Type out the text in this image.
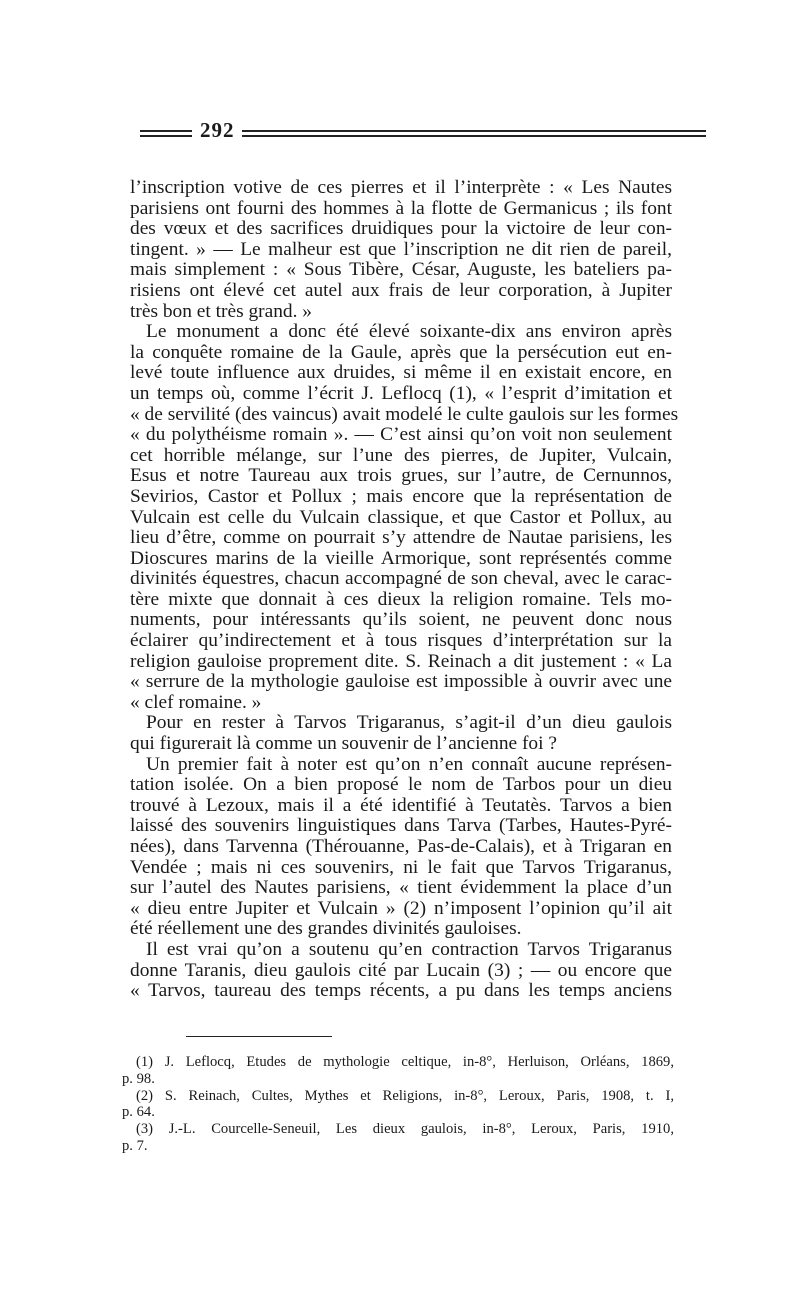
292
l’inscription votive de ces pierres et il l’interprète : « Les Nautes
parisiens ont fourni des hommes à la flotte de Germanicus ; ils font
des vœux et des sacrifices druidiques pour la victoire de leur con-
tingent. » — Le malheur est que l’inscription ne dit rien de pareil,
mais simplement : « Sous Tibère, César, Auguste, les bateliers pa-
risiens ont élevé cet autel aux frais de leur corporation, à Jupiter
très bon et très grand. »
Le monument a donc été élevé soixante-dix ans environ après
la conquête romaine de la Gaule, après que la persécution eut en-
levé toute influence aux druides, si même il en existait encore, en
un temps où, comme l’écrit J. Leflocq (1), « l’esprit d’imitation et
« de servilité (des vaincus) avait modelé le culte gaulois sur les formes
« du polythéisme romain ». — C’est ainsi qu’on voit non seulement
cet horrible mélange, sur l’une des pierres, de Jupiter, Vulcain,
Esus et notre Taureau aux trois grues, sur l’autre, de Cernunnos,
Sevirios, Castor et Pollux ; mais encore que la représentation de
Vulcain est celle du Vulcain classique, et que Castor et Pollux, au
lieu d’être, comme on pourrait s’y attendre de Nautae parisiens, les
Dioscures marins de la vieille Armorique, sont représentés comme
divinités équestres, chacun accompagné de son cheval, avec le carac-
tère mixte que donnait à ces dieux la religion romaine. Tels mo-
numents, pour intéressants qu’ils soient, ne peuvent donc nous
éclairer qu’indirectement et à tous risques d’interprétation sur la
religion gauloise proprement dite. S. Reinach a dit justement : « La
« serrure de la mythologie gauloise est impossible à ouvrir avec une
« clef romaine. »
Pour en rester à Tarvos Trigaranus, s’agit-il d’un dieu gaulois
qui figurerait là comme un souvenir de l’ancienne foi ?
Un premier fait à noter est qu’on n’en connaît aucune représen-
tation isolée. On a bien proposé le nom de Tarbos pour un dieu
trouvé à Lezoux, mais il a été identifié à Teutatès. Tarvos a bien
laissé des souvenirs linguistiques dans Tarva (Tarbes, Hautes-Pyré-
nées), dans Tarvenna (Thérouanne, Pas-de-Calais), et à Trigaran en
Vendée ; mais ni ces souvenirs, ni le fait que Tarvos Trigaranus,
sur l’autel des Nautes parisiens, « tient évidemment la place d’un
« dieu entre Jupiter et Vulcain » (2) n’imposent l’opinion qu’il ait
été réellement une des grandes divinités gauloises.
Il est vrai qu’on a soutenu qu’en contraction Tarvos Trigaranus
donne Taranis, dieu gaulois cité par Lucain (3) ; — ou encore que
« Tarvos, taureau des temps récents, a pu dans les temps anciens
(1) J. Leflocq, Etudes de mythologie celtique, in-8°, Herluison, Orléans, 1869,
p. 98.
(2) S. Reinach, Cultes, Mythes et Religions, in-8°, Leroux, Paris, 1908, t. I,
p. 64.
(3) J.-L. Courcelle-Seneuil, Les dieux gaulois, in-8°, Leroux, Paris, 1910,
p. 7.
